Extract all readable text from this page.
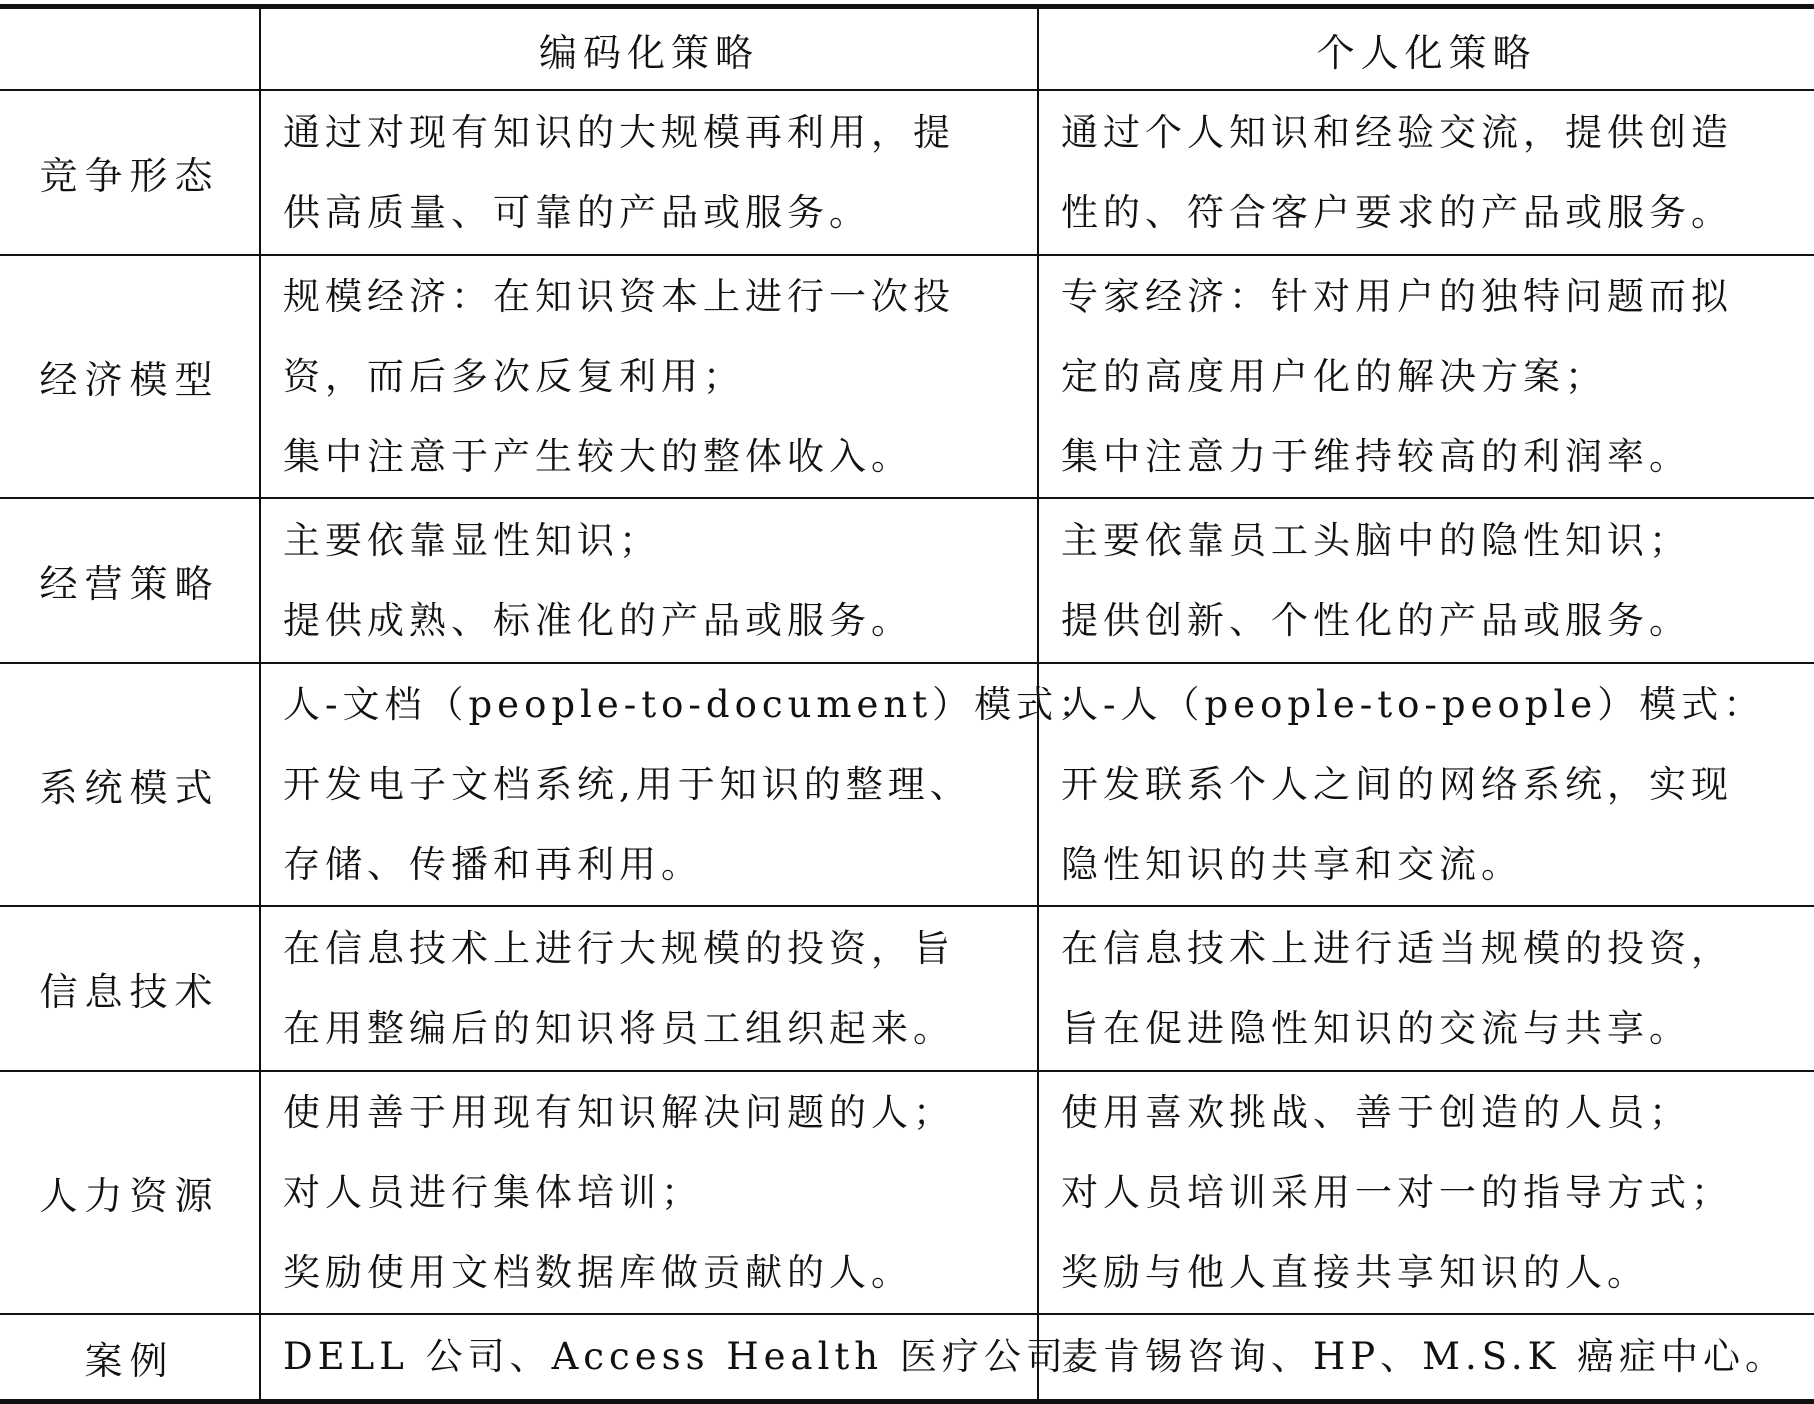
	编码化策略	个人化策略
竞争形态	通过对现有知识的大规模再利用，提
供高质量、可靠的产品或服务。	通过个人知识和经验交流，提供创造
性的、符合客户要求的产品或服务。

经济模型	规模经济：在知识资本上进行一次投
资，而后多次反复利用；
集中注意于产生较大的整体收入。	专家经济：针对用户的独特问题而拟
定的高度用户化的解决方案；
集中注意力于维持较高的利润率。

经营策略	主要依靠显性知识；
提供成熟、标准化的产品或服务。	主要依靠员工头脑中的隐性知识；
提供创新、个性化的产品或服务。

系统模式	人-文档（people-to-document）模式：
开发电子文档系统,用于知识的整理、
存储、传播和再利用。	人-人（people-to-people）模式：
开发联系个人之间的网络系统，实现
隐性知识的共享和交流。

信息技术	在信息技术上进行大规模的投资，旨
在用整编后的知识将员工组织起来。	在信息技术上进行适当规模的投资，
旨在促进隐性知识的交流与共享。

人力资源	使用善于用现有知识解决问题的人；
对人员进行集体培训；
奖励使用文档数据库做贡献的人。	使用喜欢挑战、善于创造的人员；
对人员培训采用一对一的指导方式；
奖励与他人直接共享知识的人。

案例	DELL 公司、Access Health 医疗公司。	麦肯锡咨询、HP、M.S.K 癌症中心。
